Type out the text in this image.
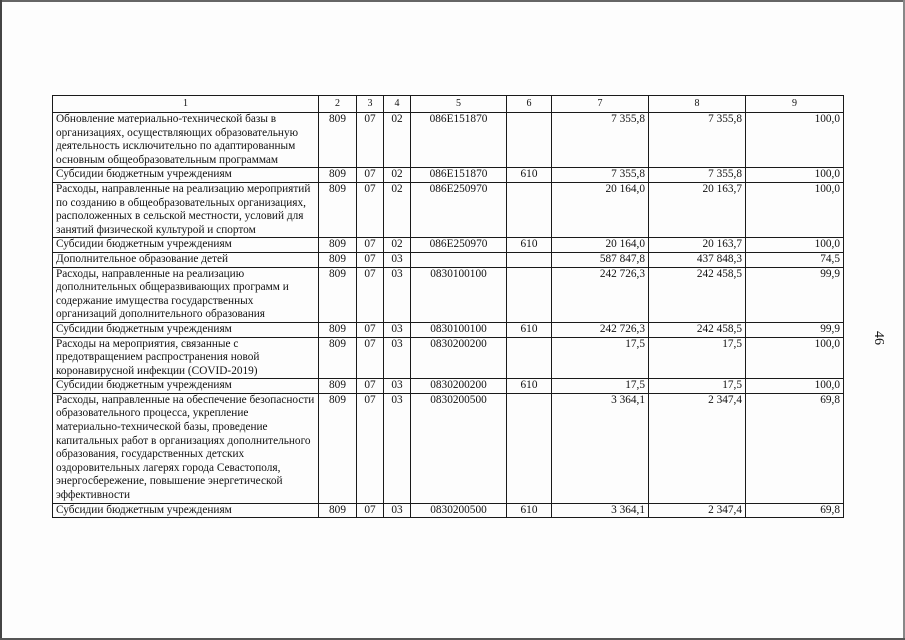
1	2	3	4	5	6	7	8	9
Обновление материально-технической базы в организациях, осуществляющих образовательную деятельность исключительно по адаптированным основным общеобразовательным программам	809	07	02	086E151870		7 355,8	7 355,8	100,0
Субсидии бюджетным учреждениям	809	07	02	086E151870	610	7 355,8	7 355,8	100,0
Расходы, направленные на реализацию мероприятий по созданию в общеобразовательных организациях, расположенных в сельской местности, условий для занятий физической культурой и спортом	809	07	02	086E250970		20 164,0	20 163,7	100,0
Субсидии бюджетным учреждениям	809	07	02	086E250970	610	20 164,0	20 163,7	100,0
Дополнительное образование детей	809	07	03			587 847,8	437 848,3	74,5
Расходы, направленные на реализацию дополнительных общеразвивающих программ и содержание имущества государственных организаций дополнительного образования	809	07	03	0830100100		242 726,3	242 458,5	99,9
Субсидии бюджетным учреждениям	809	07	03	0830100100	610	242 726,3	242 458,5	99,9
Расходы на мероприятия, связанные с предотвращением распространения новой коронавирусной инфекции (COVID-2019)	809	07	03	0830200200		17,5	17,5	100,0
Субсидии бюджетным учреждениям	809	07	03	0830200200	610	17,5	17,5	100,0
Расходы, направленные на обеспечение безопасности образовательного процесса, укрепление материально-технической базы, проведение капитальных работ в организациях дополнительного образования, государственных детских оздоровительных лагерях города Севастополя, энергосбережение, повышение энергетической эффективности	809	07	03	0830200500		3 364,1	2 347,4	69,8
Субсидии бюджетным учреждениям	809	07	03	0830200500	610	3 364,1	2 347,4	69,8
46
